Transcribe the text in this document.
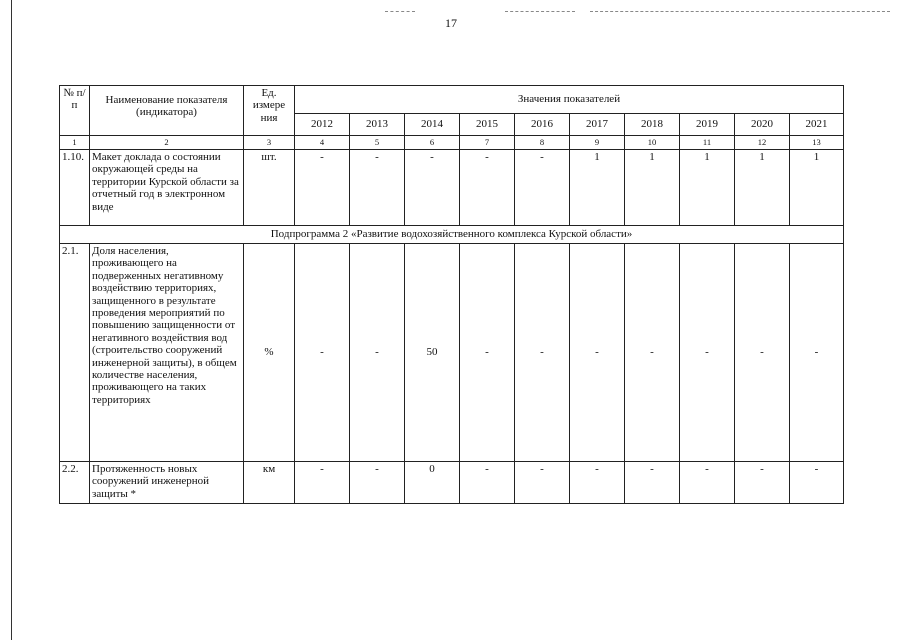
17
№ п/п	Наименование показателя (индикатора)	Ед. измере ния	Значения показателей									
			2012	2013	2014	2015	2016	2017	2018	2019	2020	2021
1	2	3	4	5	6	7	8	9	10	11	12	13
1.10.	Макет доклада о состоянии окружающей среды на территории Курской области за отчетный год в электронном виде	шт.	-	-	-	-	-	1	1	1	1	1
Подпрограмма 2 «Развитие водохозяйственного комплекса Курской области»												
2.1.	Доля населения, проживающего на подверженных негативному воздействию территориях, защищенного в результате проведения мероприятий по повышению защищенности от негативного воздействия вод (строительство сооружений инженерной защиты), в общем количестве населения, проживающего на таких территориях	%	-	-	50	-	-	-	-	-	-	-
2.2.	Протяженность новых сооружений инженерной защиты *	км	-	-	0	-	-	-	-	-	-	-
